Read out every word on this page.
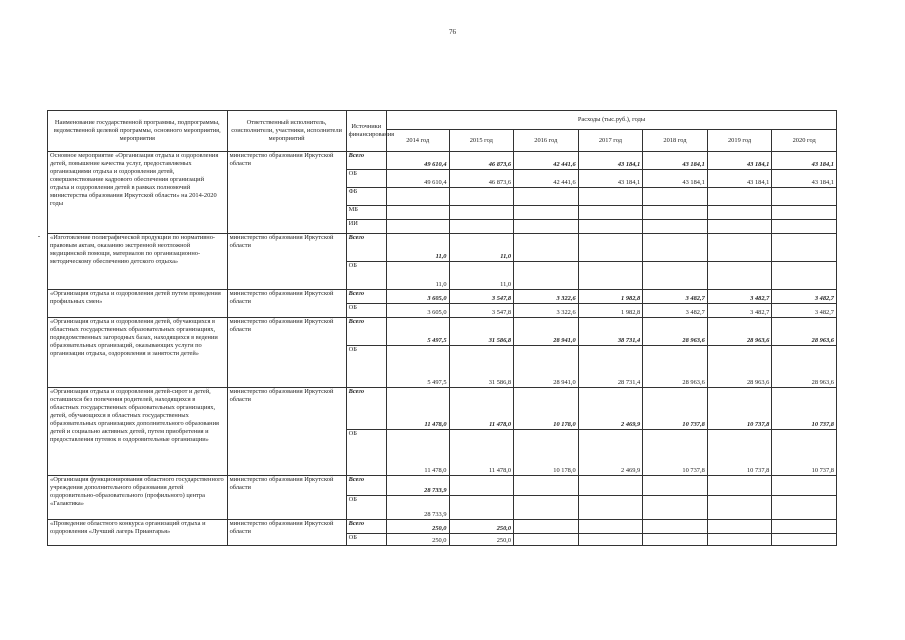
76
Наименование государственной программы, подпрограммы, ведомственной целевой программы, основного мероприятия, мероприятия	Ответственный исполнитель, соисполнители, участники, исполнители мероприятий	Источники финансирования	Расходы (тыс.руб.), годы						
			2014 год	2015 год	2016 год	2017 год	2018 год	2019 год	2020 год
Основное мероприятие «Организация отдыха и оздоровления детей, повышение качества услуг, предоставляемых организациями отдыха и оздоровления детей, совершенствование кадрового обеспечения организаций отдыха и оздоровления детей в рамках полномочий министерства образования Иркутской области» на 2014-2020 годы	министерство образования Иркутской области	Всего	49 610,4	46 873,6	42 441,6	43 184,1	43 184,1	43 184,1	43 184,1
		ОБ	49 610,4	46 873,6	42 441,6	43 184,1	43 184,1	43 184,1	43 184,1
		ФБ							
		МБ							
		ИИ							
«Изготовление полиграфической продукции по нормативно-правовым актам, оказанию экстренной неотложной медицинской помощи, материалов по организационно-методическому обеспечению детского отдыха»	министерство образования Иркутской области	Всего	11,0	11,0					
		ОБ	11,0	11,0					
«Организация отдыха и оздоровления детей путем проведения профильных смен»	министерство образования Иркутской области	Всего	3 605,0	3 547,8	3 322,6	1 982,8	3 482,7	3 482,7	3 482,7
		ОБ	3 605,0	3 547,8	3 322,6	1 982,8	3 482,7	3 482,7	3 482,7
«Организация отдыха и оздоровления детей, обучающихся в областных государственных образовательных организациях, подведомственных загородных базах, находящихся в ведении образовательных организаций, оказывающих услуги по организации отдыха, оздоровления и занятости детей»	министерство образования Иркутской области	Всего	5 497,5	31 586,8	28 941,0	38 731,4	28 963,6	28 963,6	28 963,6
		ОБ	5 497,5	31 586,8	28 941,0	28 731,4	28 963,6	28 963,6	28 963,6
«Организация отдыха и оздоровления детей-сирот и детей, оставшихся без попечения родителей, находящихся в областных государственных образовательных организациях, детей, обучающихся в областных государственных образовательных организациях дополнительного образования детей и социально активных детей, путем приобретения и предоставления путевок в оздоровительные организации»	министерство образования Иркутской области	Всего	11 478,0	11 478,0	10 178,0	2 469,9	10 737,8	10 737,8	10 737,8
		ОБ	11 478,0	11 478,0	10 178,0	2 469,9	10 737,8	10 737,8	10 737,8
«Организация функционирования областного государственного учреждения дополнительного образования детей оздоровительно-образовательного (профильного) центра «Галактика»	министерство образования Иркутской области	Всего	28 733,9						
		ОБ	28 733,9						
«Проведение областного конкурса организаций отдыха и оздоровления «Лучший лагерь Приангарья»	министерство образования Иркутской области	Всего	250,0	250,0					
		ОБ	250,0	250,0					
